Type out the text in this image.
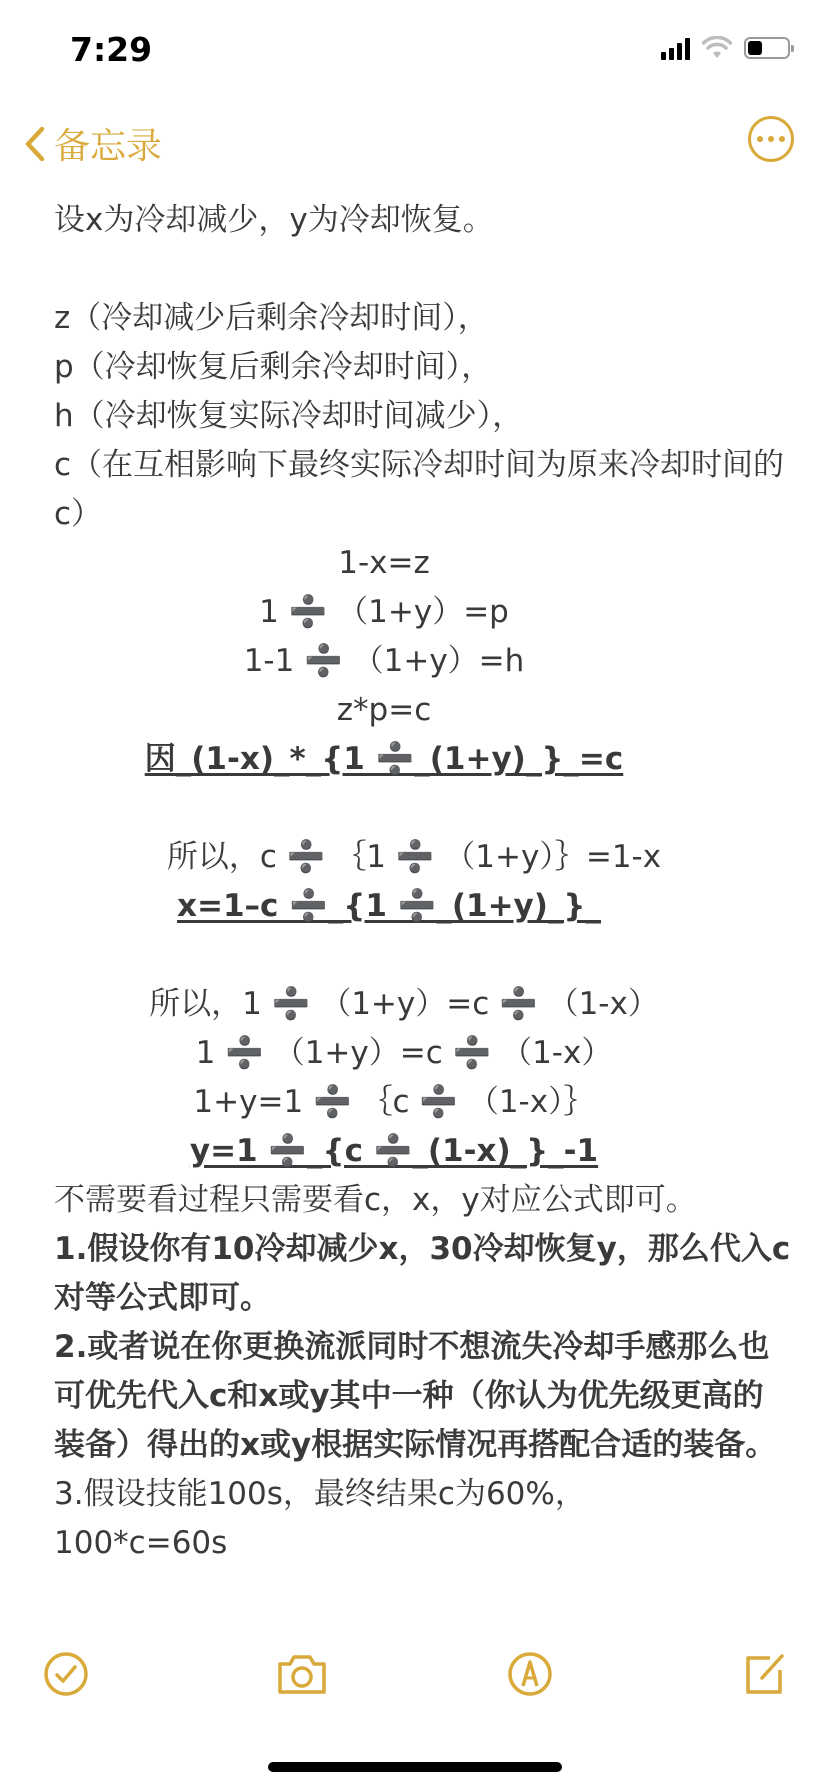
7:29
备忘录
设x为冷却减少，y为冷却恢复。
z（冷却减少后剩余冷却时间），
p（冷却恢复后剩余冷却时间），
h（冷却恢复实际冷却时间减少），
c（在互相影响下最终实际冷却时间为原来冷却时间的c）
1-x=z
1 ➗ （1+y）=p
1-1 ➗ （1+y）=h
z*p=c
因_(1-x)_*_{1 ➗_(1+y)_}_=c
所以，c ➗ ｛1 ➗ （1+y）｝=1-x
x=1–c ➗_{1 ➗_(1+y)_}_
所以，1 ➗ （1+y）=c ➗ （1-x）
1 ➗ （1+y）=c ➗ （1-x）
1+y=1 ➗ ｛c ➗ （1-x）｝
y=1 ➗_{c ➗_(1-x)_}_-1
不需要看过程只需要看c，x，y对应公式即可。
1.假设你有10冷却减少x，30冷却恢复y，那么代入c对等公式即可。
2.或者说在你更换流派同时不想流失冷却手感那么也可优先代入c和x或y其中一种（你认为优先级更高的装备）得出的x或y根据实际情况再搭配合适的装备。
3.假设技能100s，最终结果c为60%，
100*c=60s
